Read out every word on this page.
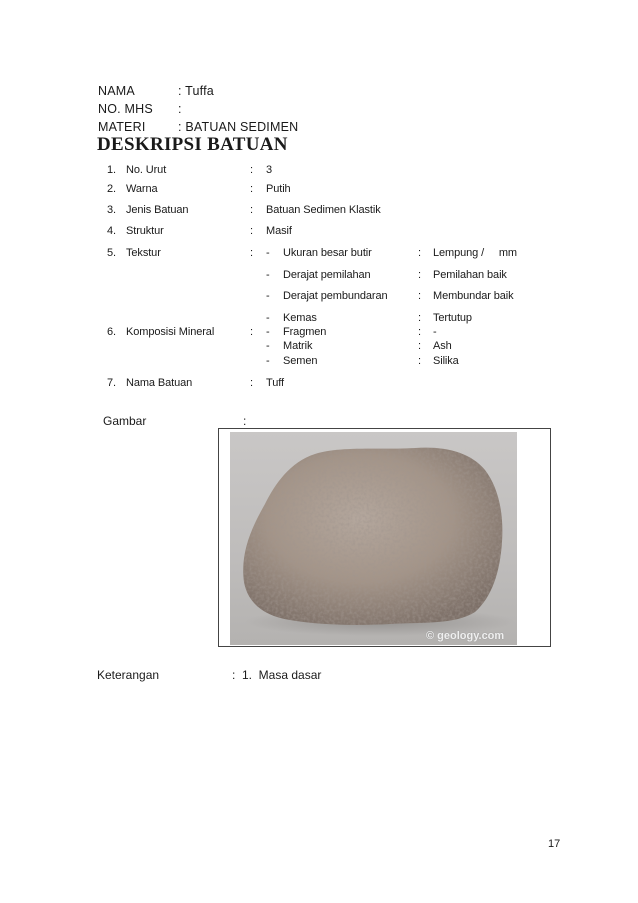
NAMA	: Tuffa
NO. MHS :
MATERI	: BATUAN SEDIMEN
DESKRIPSI BATUAN
1. No. Urut	: 3
2. Warna	: Putih
3. Jenis Batuan	: Batuan Sedimen Klastik
4. Struktur	: Masif
5. Tekstur	: - Ukuran besar butir	: Lempung /     mm
- Derajat pemilahan	: Pemilahan baik
- Derajat pembundaran	: Membundar baik
- Kemas	: Tertutup
6. Komposisi Mineral	: - Fragmen	: -
- Matrik	: Ash
- Semen	: Silika
7. Nama Batuan	: Tuff
Gambar	:
© geology.com
Keterangan	:  1.  Masa dasar
17
